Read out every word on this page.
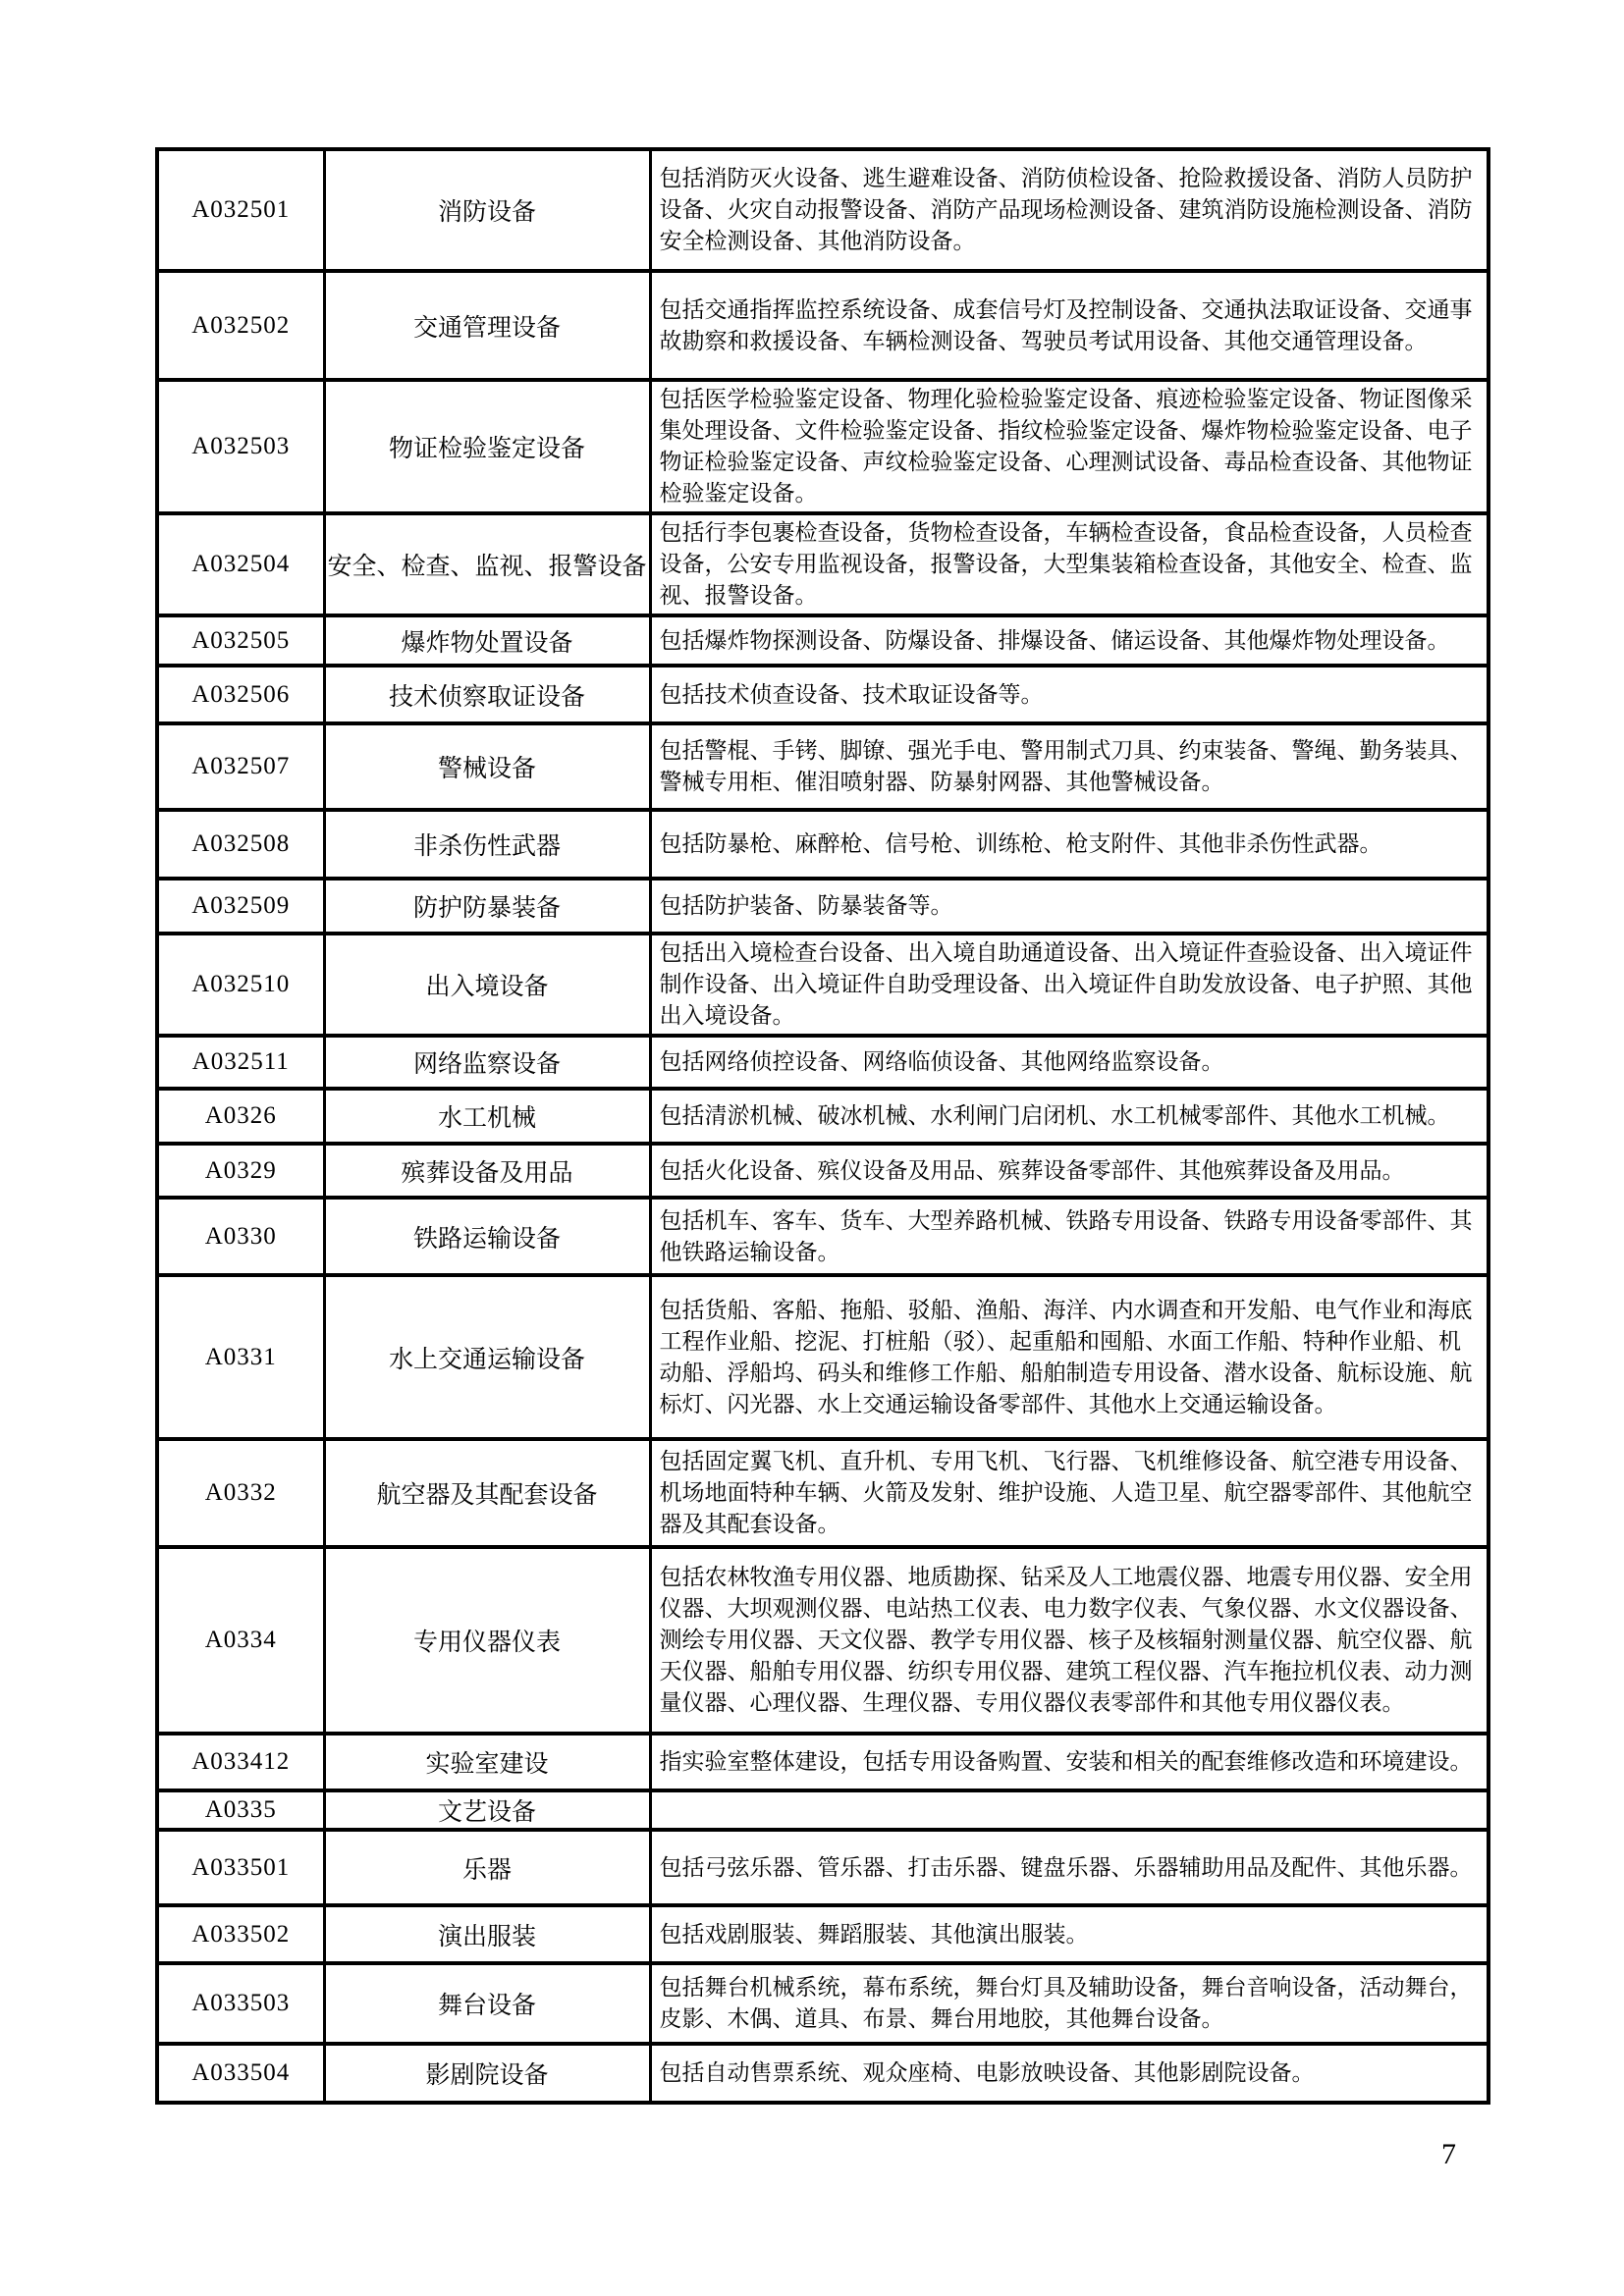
A032501	消防设备	包括消防灭火设备、逃生避难设备、消防侦检设备、抢险救援设备、消防人员防护设备、火灾自动报警设备、消防产品现场检测设备、建筑消防设施检测设备、消防安全检测设备、其他消防设备。
A032502	交通管理设备	包括交通指挥监控系统设备、成套信号灯及控制设备、交通执法取证设备、交通事故勘察和救援设备、车辆检测设备、驾驶员考试用设备、其他交通管理设备。
A032503	物证检验鉴定设备	包括医学检验鉴定设备、物理化验检验鉴定设备、痕迹检验鉴定设备、物证图像采集处理设备、文件检验鉴定设备、指纹检验鉴定设备、爆炸物检验鉴定设备、电子物证检验鉴定设备、声纹检验鉴定设备、心理测试设备、毒品检查设备、其他物证检验鉴定设备。
A032504	安全、检查、监视、报警设备	包括行李包裹检查设备，货物检查设备，车辆检查设备，食品检查设备，人员检查设备，公安专用监视设备，报警设备，大型集装箱检查设备，其他安全、检查、监视、报警设备。
A032505	爆炸物处置设备	包括爆炸物探测设备、防爆设备、排爆设备、储运设备、其他爆炸物处理设备。
A032506	技术侦察取证设备	包括技术侦查设备、技术取证设备等。
A032507	警械设备	包括警棍、手铐、脚镣、强光手电、警用制式刀具、约束装备、警绳、勤务装具、警械专用柜、催泪喷射器、防暴射网器、其他警械设备。
A032508	非杀伤性武器	包括防暴枪、麻醉枪、信号枪、训练枪、枪支附件、其他非杀伤性武器。
A032509	防护防暴装备	包括防护装备、防暴装备等。
A032510	出入境设备	包括出入境检查台设备、出入境自助通道设备、出入境证件查验设备、出入境证件制作设备、出入境证件自助受理设备、出入境证件自助发放设备、电子护照、其他出入境设备。
A032511	网络监察设备	包括网络侦控设备、网络临侦设备、其他网络监察设备。
A0326	水工机械	包括清淤机械、破冰机械、水利闸门启闭机、水工机械零部件、其他水工机械。
A0329	殡葬设备及用品	包括火化设备、殡仪设备及用品、殡葬设备零部件、其他殡葬设备及用品。
A0330	铁路运输设备	包括机车、客车、货车、大型养路机械、铁路专用设备、铁路专用设备零部件、其他铁路运输设备。
A0331	水上交通运输设备	包括货船、客船、拖船、驳船、渔船、海洋、内水调查和开发船、电气作业和海底工程作业船、挖泥、打桩船（驳）、起重船和囤船、水面工作船、特种作业船、机动船、浮船坞、码头和维修工作船、船舶制造专用设备、潜水设备、航标设施、航标灯、闪光器、水上交通运输设备零部件、其他水上交通运输设备。
A0332	航空器及其配套设备	包括固定翼飞机、直升机、专用飞机、飞行器、飞机维修设备、航空港专用设备、机场地面特种车辆、火箭及发射、维护设施、人造卫星、航空器零部件、其他航空器及其配套设备。
A0334	专用仪器仪表	包括农林牧渔专用仪器、地质勘探、钻采及人工地震仪器、地震专用仪器、安全用仪器、大坝观测仪器、电站热工仪表、电力数字仪表、气象仪器、水文仪器设备、测绘专用仪器、天文仪器、教学专用仪器、核子及核辐射测量仪器、航空仪器、航天仪器、船舶专用仪器、纺织专用仪器、建筑工程仪器、汽车拖拉机仪表、动力测量仪器、心理仪器、生理仪器、专用仪器仪表零部件和其他专用仪器仪表。
A033412	实验室建设	指实验室整体建设，包括专用设备购置、安装和相关的配套维修改造和环境建设。
A0335	文艺设备	
A033501	乐器	包括弓弦乐器、管乐器、打击乐器、键盘乐器、乐器辅助用品及配件、其他乐器。
A033502	演出服装	包括戏剧服装、舞蹈服装、其他演出服装。
A033503	舞台设备	包括舞台机械系统，幕布系统，舞台灯具及辅助设备，舞台音响设备，活动舞台，皮影、木偶、道具、布景、舞台用地胶，其他舞台设备。
A033504	影剧院设备	包括自动售票系统、观众座椅、电影放映设备、其他影剧院设备。
7
